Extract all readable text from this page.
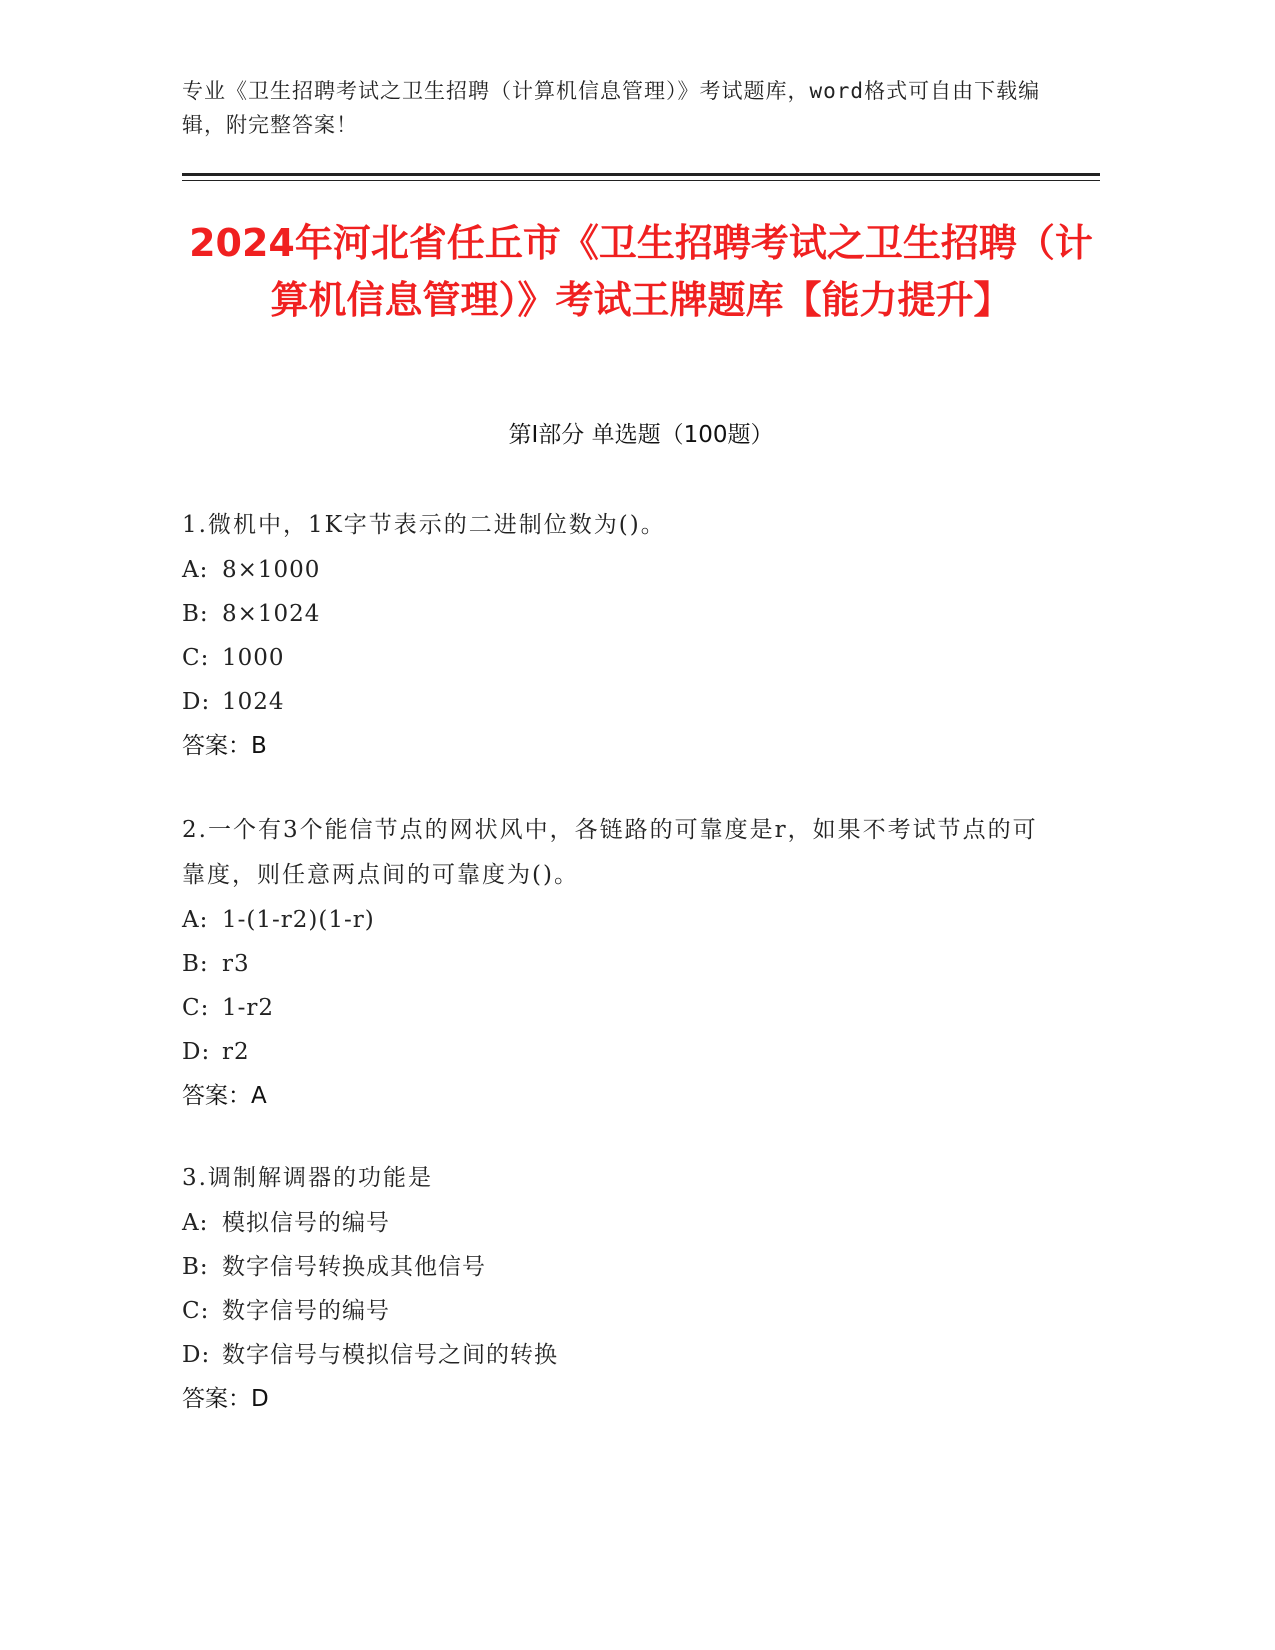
专业《卫生招聘考试之卫生招聘（计算机信息管理）》考试题库，word格式可自由下载编辑，附完整答案！
2024年河北省任丘市《卫生招聘考试之卫生招聘（计算机信息管理）》考试王牌题库【能力提升】
第I部分 单选题（100题）
1.微机中，1K字节表示的二进制位数为()。
A: 8×1000
B: 8×1024
C: 1000
D: 1024
答案：B
2.一个有3个能信节点的网状风中，各链路的可靠度是r，如果不考试节点的可靠度，则任意两点间的可靠度为()。
A: 1-(1-r2)(1-r)
B: r3
C: 1-r2
D: r2
答案：A
3.调制解调器的功能是
A: 模拟信号的编号
B: 数字信号转换成其他信号
C: 数字信号的编号
D: 数字信号与模拟信号之间的转换
答案：D
